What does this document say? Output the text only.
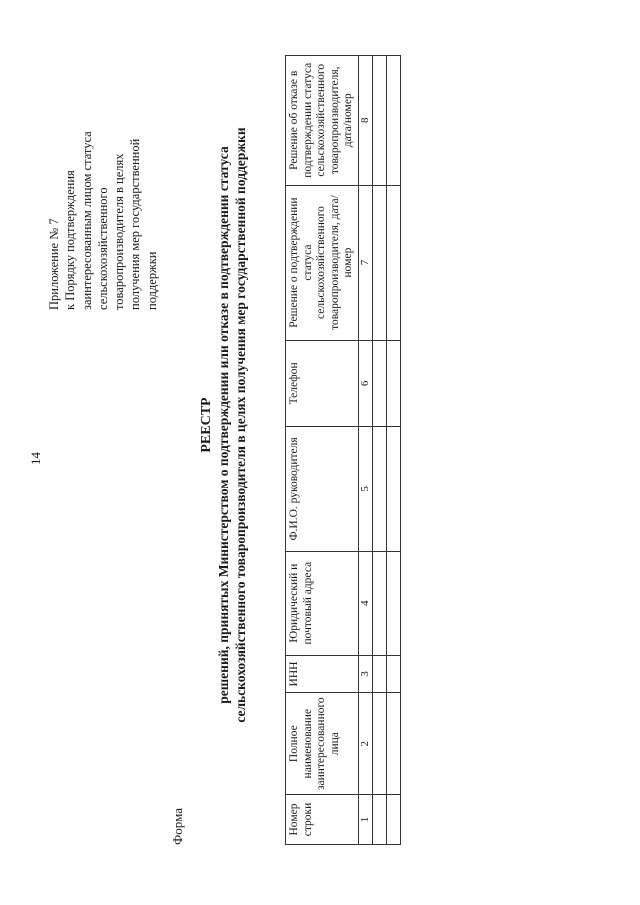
14
Приложение № 7 к Порядку подтверждения заинтересованным лицом статуса сельскохозяйственного товаропроизводителя в целях получения мер государственной поддержки
Форма
РЕЕСТР решений, принятых Министерством о подтверждении или отказе в подтверждении статуса сельскохозяйственного товаропроизводителя в целях получения мер государственной поддержки
Номер строки	Полное наименование заинтересованного лица	ИНН	Юридический и почтовый адреса	Ф.И.О. руководителя	Телефон	Решение о подтверждении статуса сельскохозяйственного товаропроизводителя, дата/номер	Решение об отказе в подтверждении статуса сельскохозяйственного товаропроизводителя, дата/номер
1	2	3	4	5	6	7	8
